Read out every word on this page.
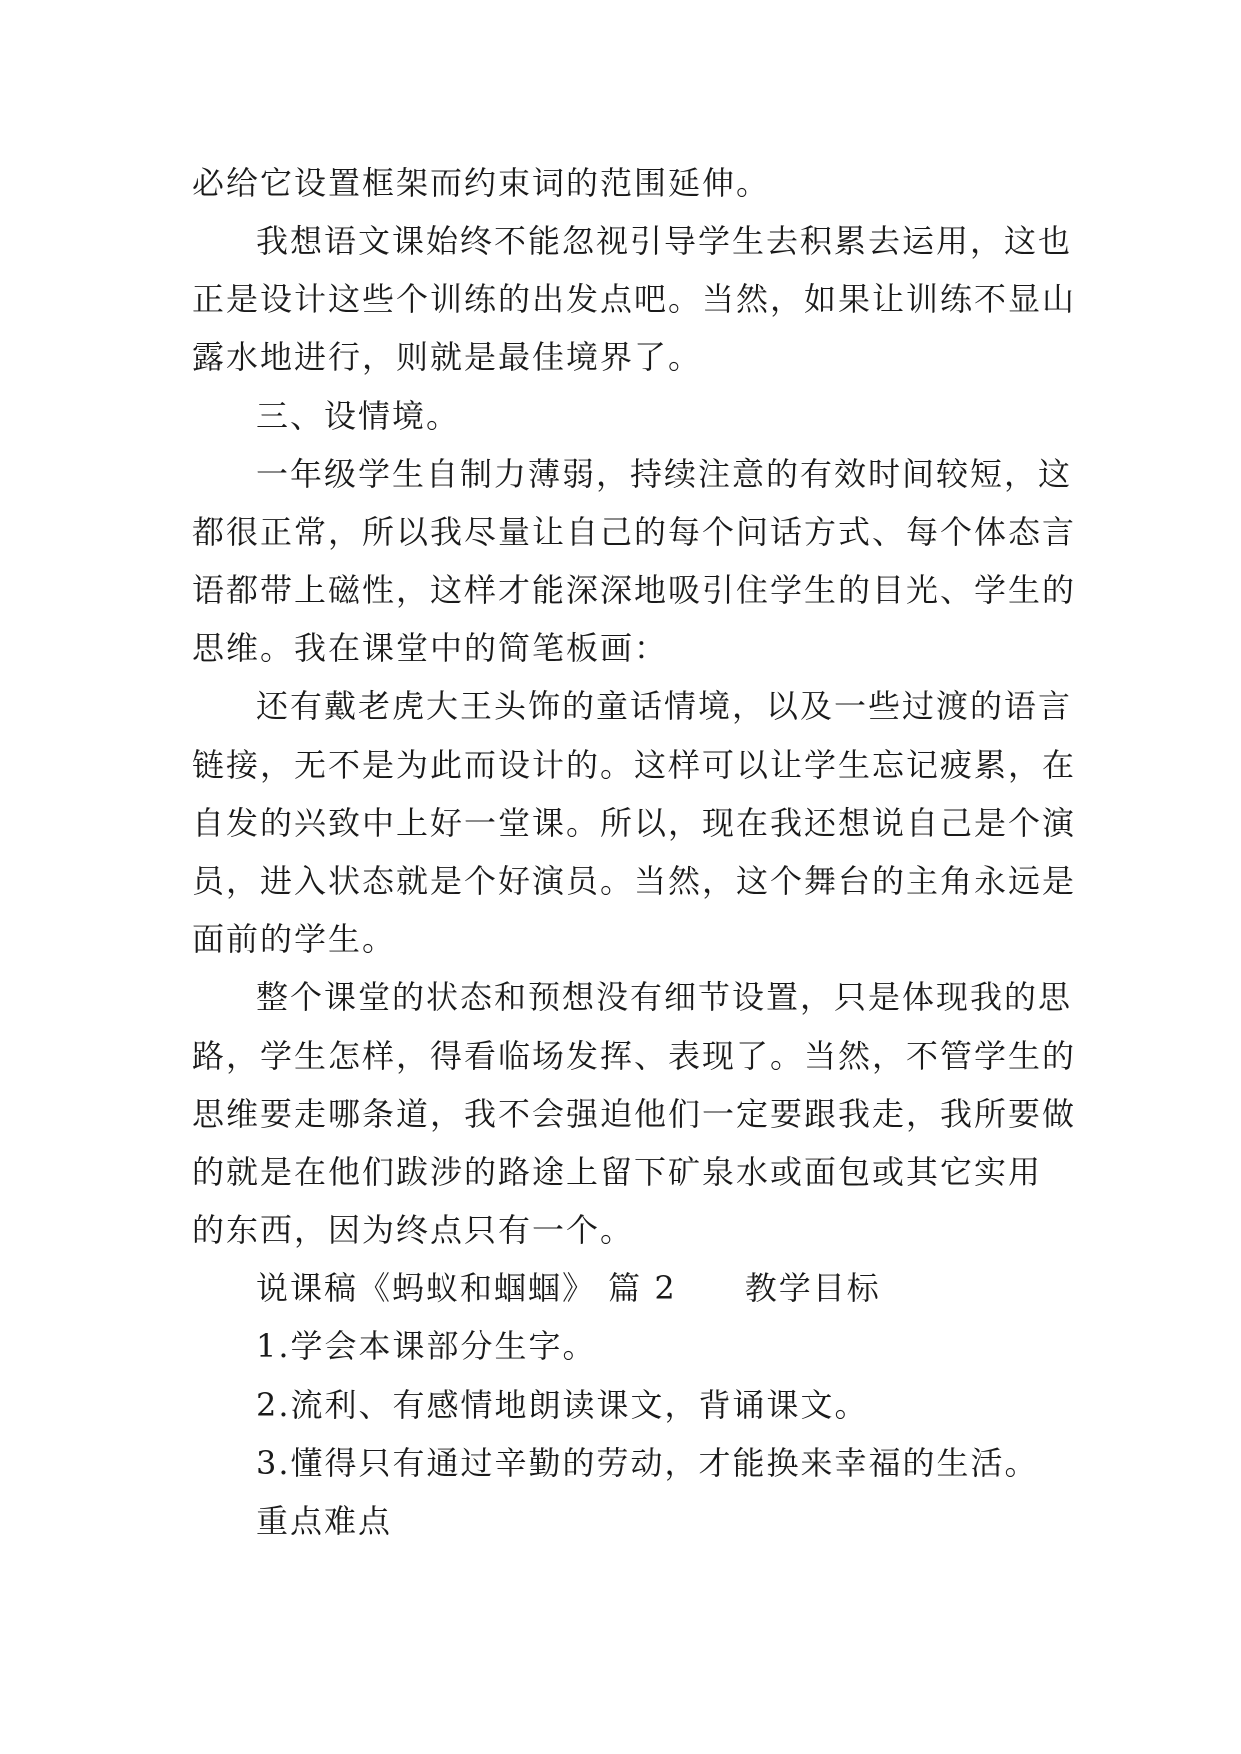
必给它设置框架而约束词的范围延伸。

我想语文课始终不能忽视引导学生去积累去运用，这也

正是设计这些个训练的出发点吧。当然，如果让训练不显山

露水地进行，则就是最佳境界了。

三、设情境。

一年级学生自制力薄弱，持续注意的有效时间较短，这

都很正常，所以我尽量让自己的每个问话方式、每个体态言

语都带上磁性，这样才能深深地吸引住学生的目光、学生的

思维。我在课堂中的简笔板画：

还有戴老虎大王头饰的童话情境，以及一些过渡的语言

链接，无不是为此而设计的。这样可以让学生忘记疲累，在

自发的兴致中上好一堂课。所以，现在我还想说自己是个演

员，进入状态就是个好演员。当然，这个舞台的主角永远是

面前的学生。

整个课堂的状态和预想没有细节设置，只是体现我的思

路，学生怎样，得看临场发挥、表现了。当然，不管学生的

思维要走哪条道，我不会强迫他们一定要跟我走，我所要做

的就是在他们跋涉的路途上留下矿泉水或面包或其它实用

的东西，因为终点只有一个。

说课稿《蚂蚁和蝈蝈》 篇 2　　教学目标

1.学会本课部分生字。

2.流利、有感情地朗读课文，背诵课文。

3.懂得只有通过辛勤的劳动，才能换来幸福的生活。

重点难点
